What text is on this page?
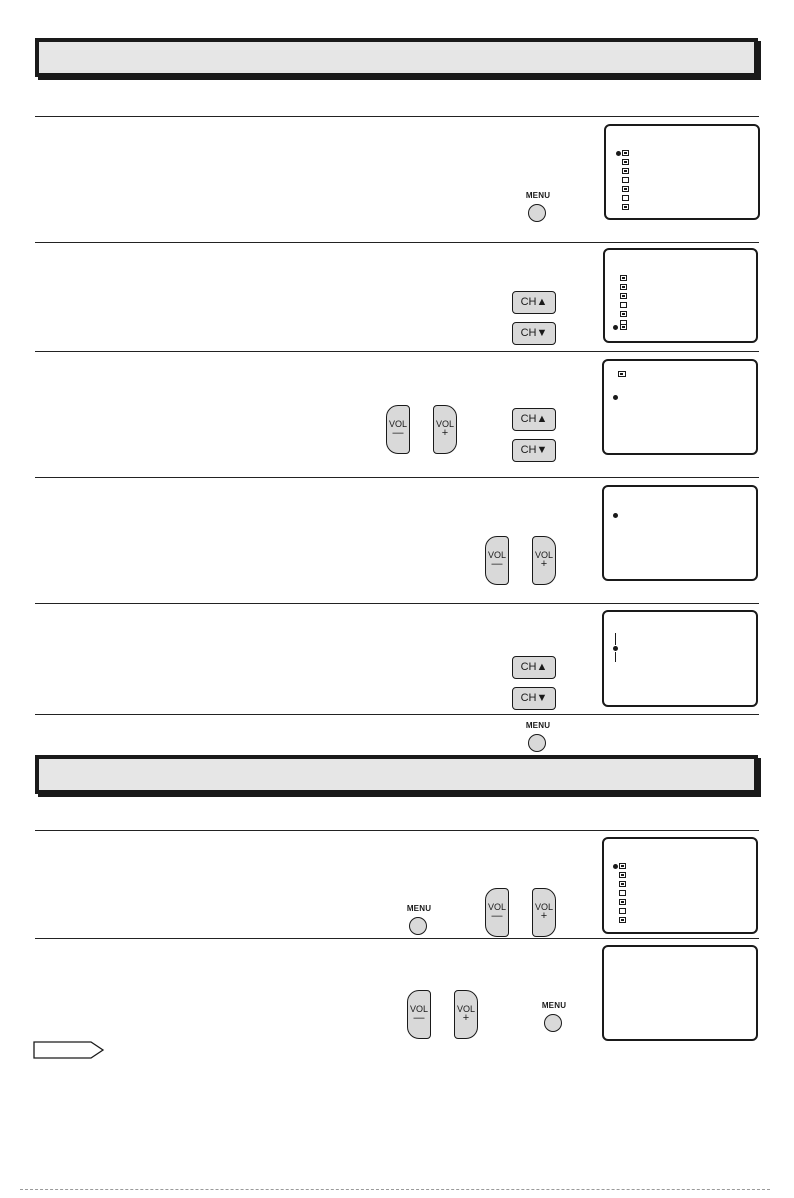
MENU
CH▲
CH▼
VOL
—
VOL
+
CH▲
CH▼
VOL
—
VOL
+
CH▲
CH▼
MENU
MENU	VOL
—
VOL
+
VOL
—
VOL
+
MENU
